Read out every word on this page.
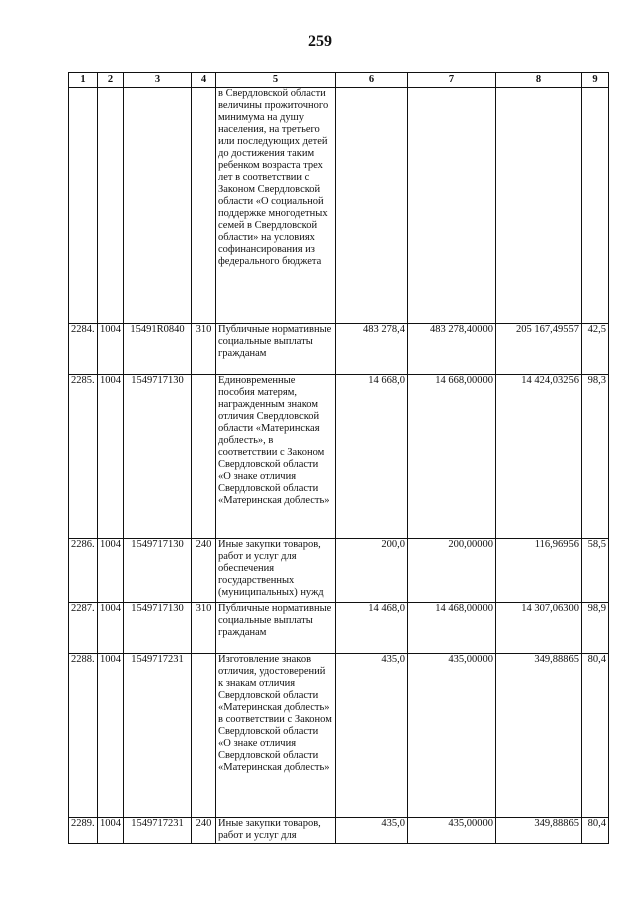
259
1	2	3	4	5	6	7	8	9
				в Свердловской области величины прожиточного минимума на душу населения, на третьего или последующих детей до достижения таким ребенком возраста трех лет в соответствии с Законом Свердловской области «О социальной поддержке многодетных семей в Свердловской области» на условиях софинансирования из федерального бюджета				
2284.	1004	15491R0840	310	Публичные нормативные социальные выплаты гражданам	483 278,4	483 278,40000	205 167,49557	42,5
2285.	1004	1549717130		Единовременные пособия матерям, награжденным знаком отличия Свердловской области «Материнская доблесть», в соответствии с Законом Свердловской области «О знаке отличия Свердловской области «Материнская доблесть»	14 668,0	14 668,00000	14 424,03256	98,3
2286.	1004	1549717130	240	Иные закупки товаров, работ и услуг для обеспечения государственных (муниципальных) нужд	200,0	200,00000	116,96956	58,5
2287.	1004	1549717130	310	Публичные нормативные социальные выплаты гражданам	14 468,0	14 468,00000	14 307,06300	98,9
2288.	1004	1549717231		Изготовление знаков отличия, удостоверений к знакам отличия Свердловской области «Материнская доблесть» в соответствии с Законом Свердловской области «О знаке отличия Свердловской области «Материнская доблесть»	435,0	435,00000	349,88865	80,4
2289.	1004	1549717231	240	Иные закупки товаров, работ и услуг для	435,0	435,00000	349,88865	80,4
